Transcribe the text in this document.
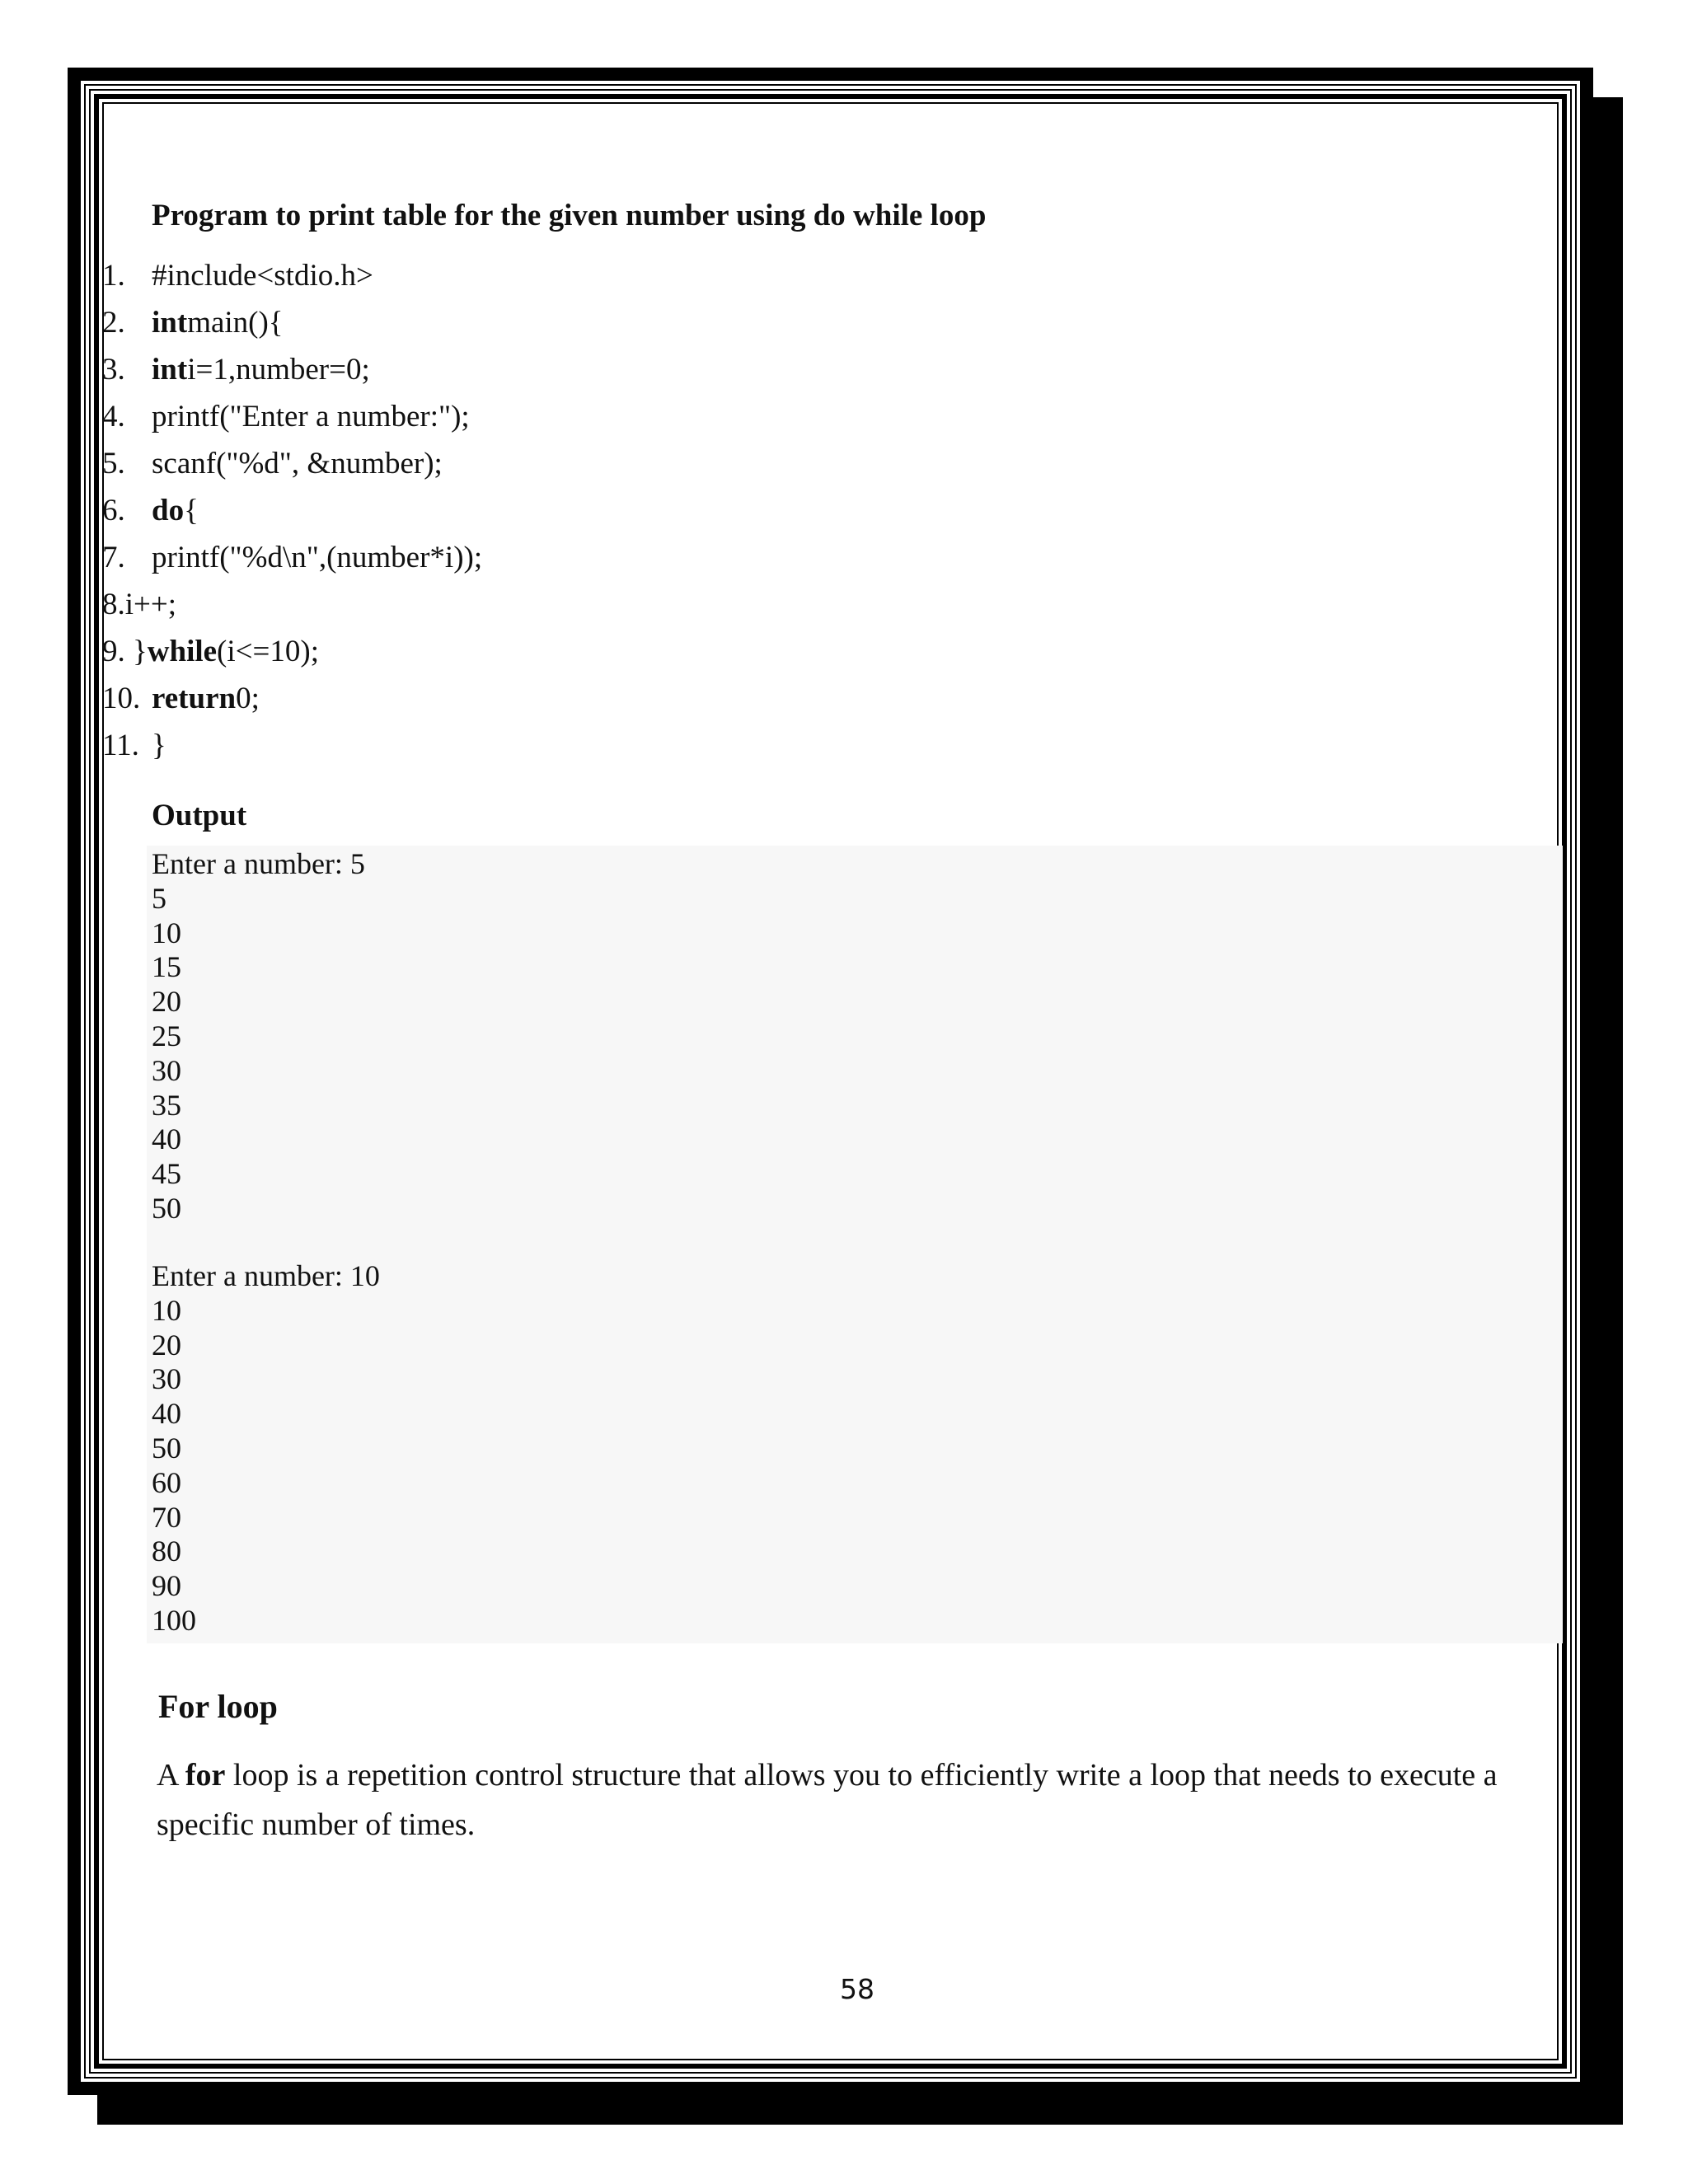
Program to print table for the given number using do while loop
1. #include<stdio.h>
2. intmain(){
3. inti=1,number=0;
4. printf("Enter a number:");
5. scanf("%d", &number);
6. do{
7. printf("%d\n",(number*i));
8.i++;
9. }while(i<=10);
10. return0;
11. }
Output
Enter a number: 5
5
10
15
20
25
30
35
40
45
50
Enter a number: 10
10
20
30
40
50
60
70
80
90
100
For loop

A for loop is a repetition control structure that allows you to efficiently write a loop that needs to execute a specific number of times.

58
